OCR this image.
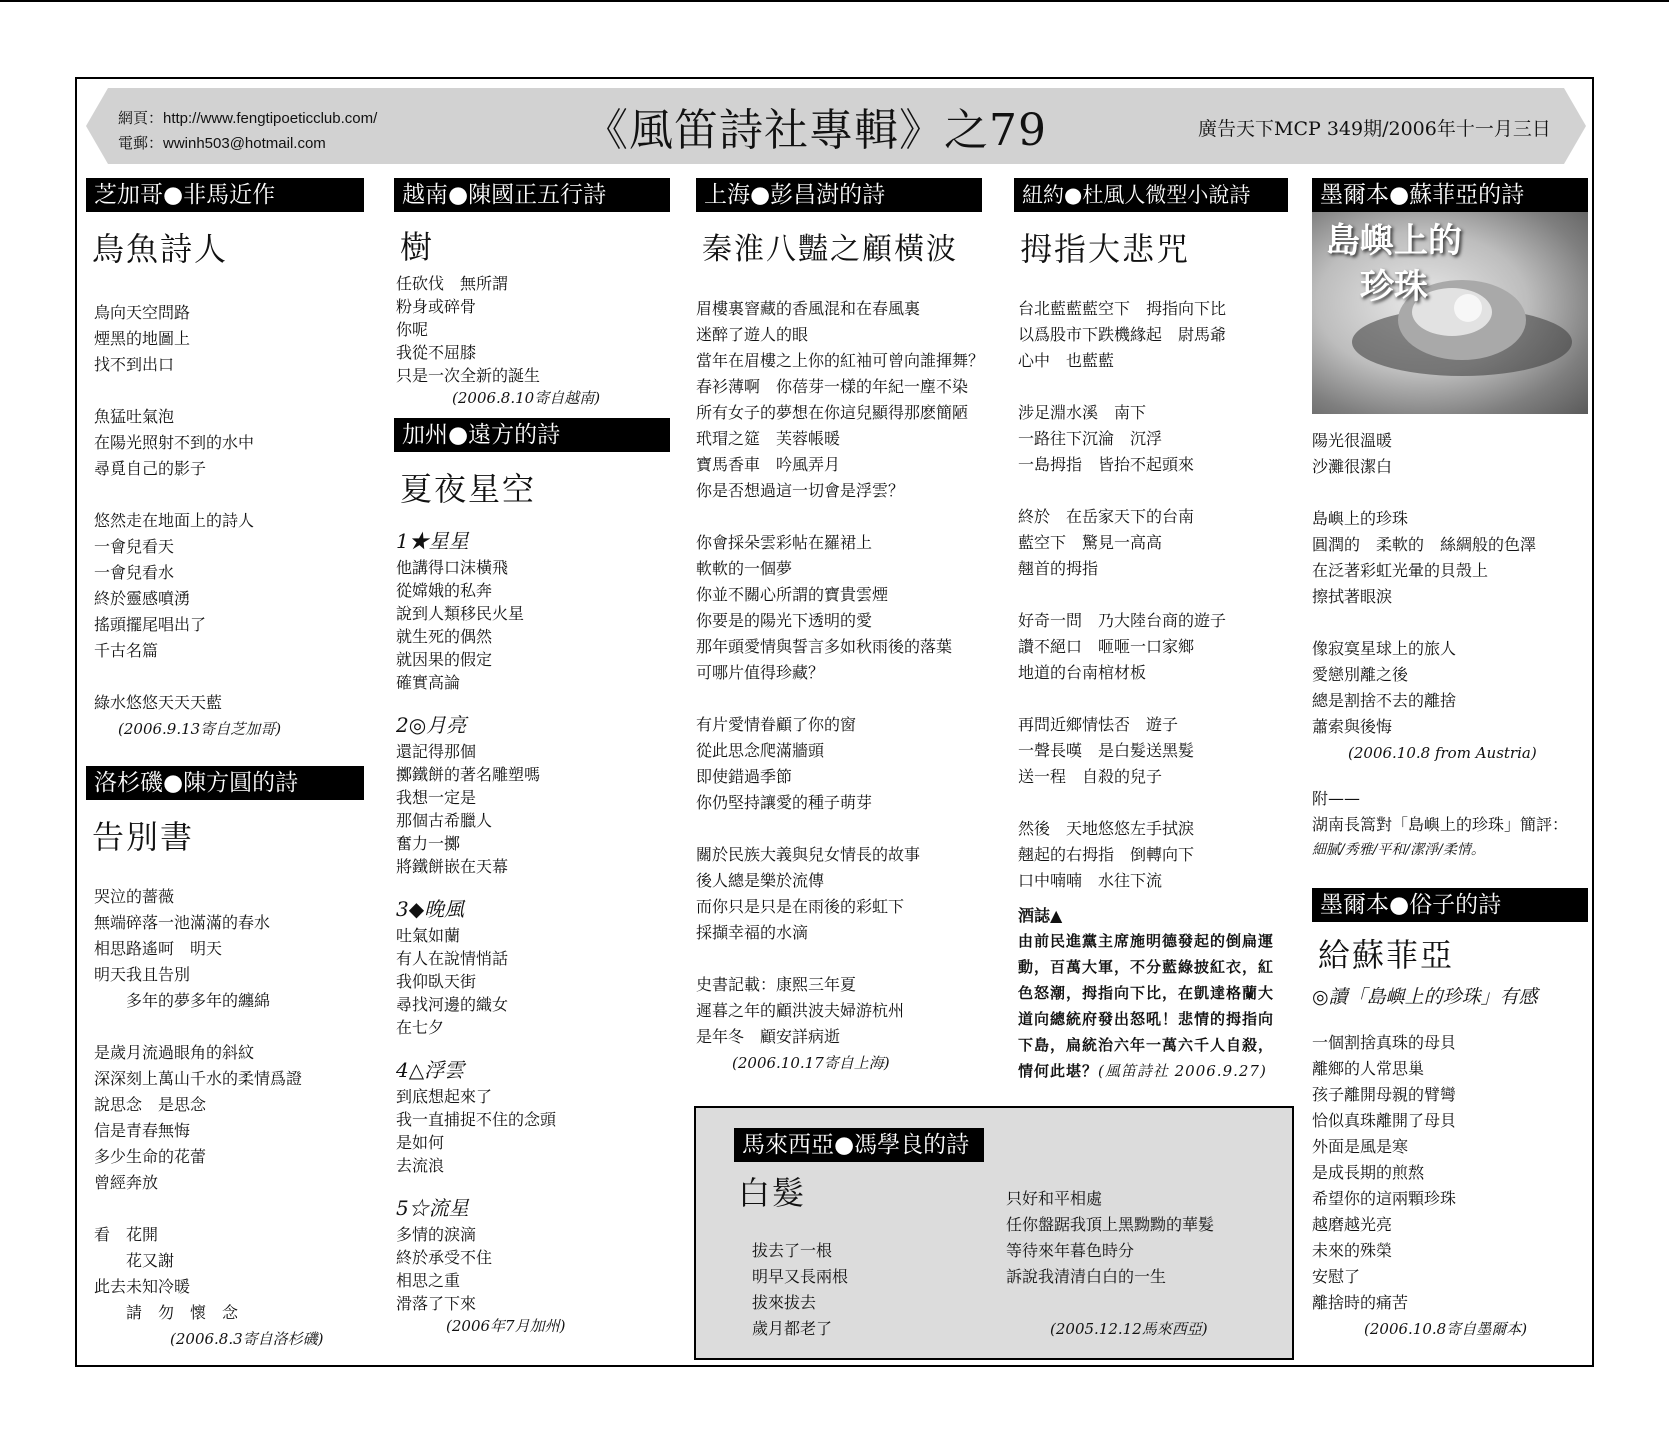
網頁：http://www.fengtipoeticclub.com/
電郵：wwinh503@hotmail.com	《風笛詩社專輯》之79	廣告天下MCP 349期/2006年十一月三日
芝加哥●非馬近作
鳥魚詩人
鳥向天空問路
煙黑的地圖上
找不到出口
魚猛吐氣泡
在陽光照射不到的水中
尋覓自己的影子
悠然走在地面上的詩人
一會兒看天
一會兒看水
終於靈感噴湧
搖頭擺尾唱出了
千古名篇
綠水悠悠天天天藍
(2006.9.13寄自芝加哥)
洛杉磯●陳方圓的詩
告別書
哭泣的薔薇
無端碎落一池滿滿的春水
相思路遙呵　明天
明天我且告別
　　多年的夢多年的纏綿
是歲月流過眼角的斜紋
深深刻上萬山千水的柔情爲證
說思念　是思念
信是青春無悔
多少生命的花蕾
曾經奔放
看　花開
　　花又謝
此去未知冷暖
　　請　勿　懷　念
(2006.8.3寄自洛杉磯)
越南●陳國正五行詩
樹
任砍伐　無所謂
粉身或碎骨
你呢
我從不屈膝
只是一次全新的誕生
(2006.8.10寄自越南)
加州●遠方的詩
夏夜星空
1★星星
他講得口沫橫飛
從嫦娥的私奔
說到人類移民火星
就生死的偶然
就因果的假定
確實高論
2◎月亮
還記得那個
擲鐵餅的著名雕塑嗎
我想一定是
那個古希臘人
奮力一擲
將鐵餅嵌在天幕
3◆晚風
吐氣如蘭
有人在說情悄話
我仰臥天街
尋找河邊的織女
在七夕
4△浮雲
到底想起來了
我一直捕捉不住的念頭
是如何
去流浪
5☆流星
多情的淚滴
終於承受不住
相思之重
滑落了下來
(2006年7月加州)
上海●彭昌澍的詩
秦淮八豔之顧橫波
眉樓裏窨藏的香風混和在春風裏
迷醉了遊人的眼
當年在眉樓之上你的紅袖可曾向誰揮舞？
春衫薄啊　你蓓芽一樣的年紀一塵不染
所有女子的夢想在你這兒顯得那麽簡陋
玳瑁之筵　芙蓉帳暖
寶馬香車　吟風弄月
你是否想過這一切會是浮雲？
你會採朵雲彩帖在羅裙上
軟軟的一個夢
你並不關心所謂的寶貴雲煙
你要是的陽光下透明的愛
那年頭愛情與誓言多如秋雨後的落葉
可哪片值得珍藏？
有片愛情眷顧了你的窗
從此思念爬滿牆頭
即使錯過季節
你仍堅持讓愛的種子萌芽
關於民族大義與兒女情長的故事
後人總是樂於流傳
而你只是只是在雨後的彩虹下
採擷幸福的水滴
史書記載：康熙三年夏
遲暮之年的顧洪波夫婦游杭州
是年冬　顧安詳病逝
(2006.10.17寄自上海)
紐約●杜風人微型小說詩
拇指大悲咒
台北藍藍藍空下　拇指向下比
以爲股市下跌機緣起　尉馬爺
心中　也藍藍
涉足淵水溪　南下
一路往下沉淪　沉浮
一島拇指　皆抬不起頭來
終於　在岳家天下的台南
藍空下　驚見一高高
翹首的拇指
好奇一問　乃大陸台商的遊子
讚不絕口　咂咂一口家鄉
地道的台南棺材板
再問近鄉情怯否　遊子
一聲長嘆　是白髮送黑髮
送一程　自殺的兒子
然後　天地悠悠左手拭淚
翹起的右拇指　倒轉向下
口中喃喃　水往下流
酒誌▲
由前民進黨主席施明德發起的倒扁運動，百萬大軍，不分藍綠披紅衣，紅色怒潮，拇指向下比，在凱達格蘭大道向總統府發出怒吼！悲情的拇指向下島，扁統治六年一萬六千人自殺，情何此堪？(風笛詩社 2006.9.27)
墨爾本●蘇菲亞的詩
島嶼上的
　珍珠
陽光很溫暖
沙灘很潔白
島嶼上的珍珠
圓潤的　柔軟的　絲綢般的色澤
在泛著彩虹光暈的貝殼上
擦拭著眼淚
像寂寞星球上的旅人
愛戀別離之後
總是割捨不去的離捨
蕭索與後悔
(2006.10.8 from Austria)
附——
湖南長篙對「島嶼上的珍珠」簡評：
細膩/秀雅/平和/潔淨/柔情。
墨爾本●俗子的詩
給蘇菲亞
◎讀「島嶼上的珍珠」有感
一個割捨真珠的母貝
離鄉的人常思巢
孩子離開母親的臂彎
恰似真珠離開了母貝
外面是風是寒
是成長期的煎熬
希望你的這兩顆珍珠
越磨越光亮
未來的殊榮
安慰了
離捨時的痛苦
(2006.10.8寄自墨爾本)
馬來西亞●馮學良的詩
白髮
拔去了一根
明早又長兩根
拔來拔去
歲月都老了
只好和平相處
任你盤踞我頂上黑黝黝的華髮
等待來年暮色時分
訴說我清清白白的一生
(2005.12.12馬來西亞)
